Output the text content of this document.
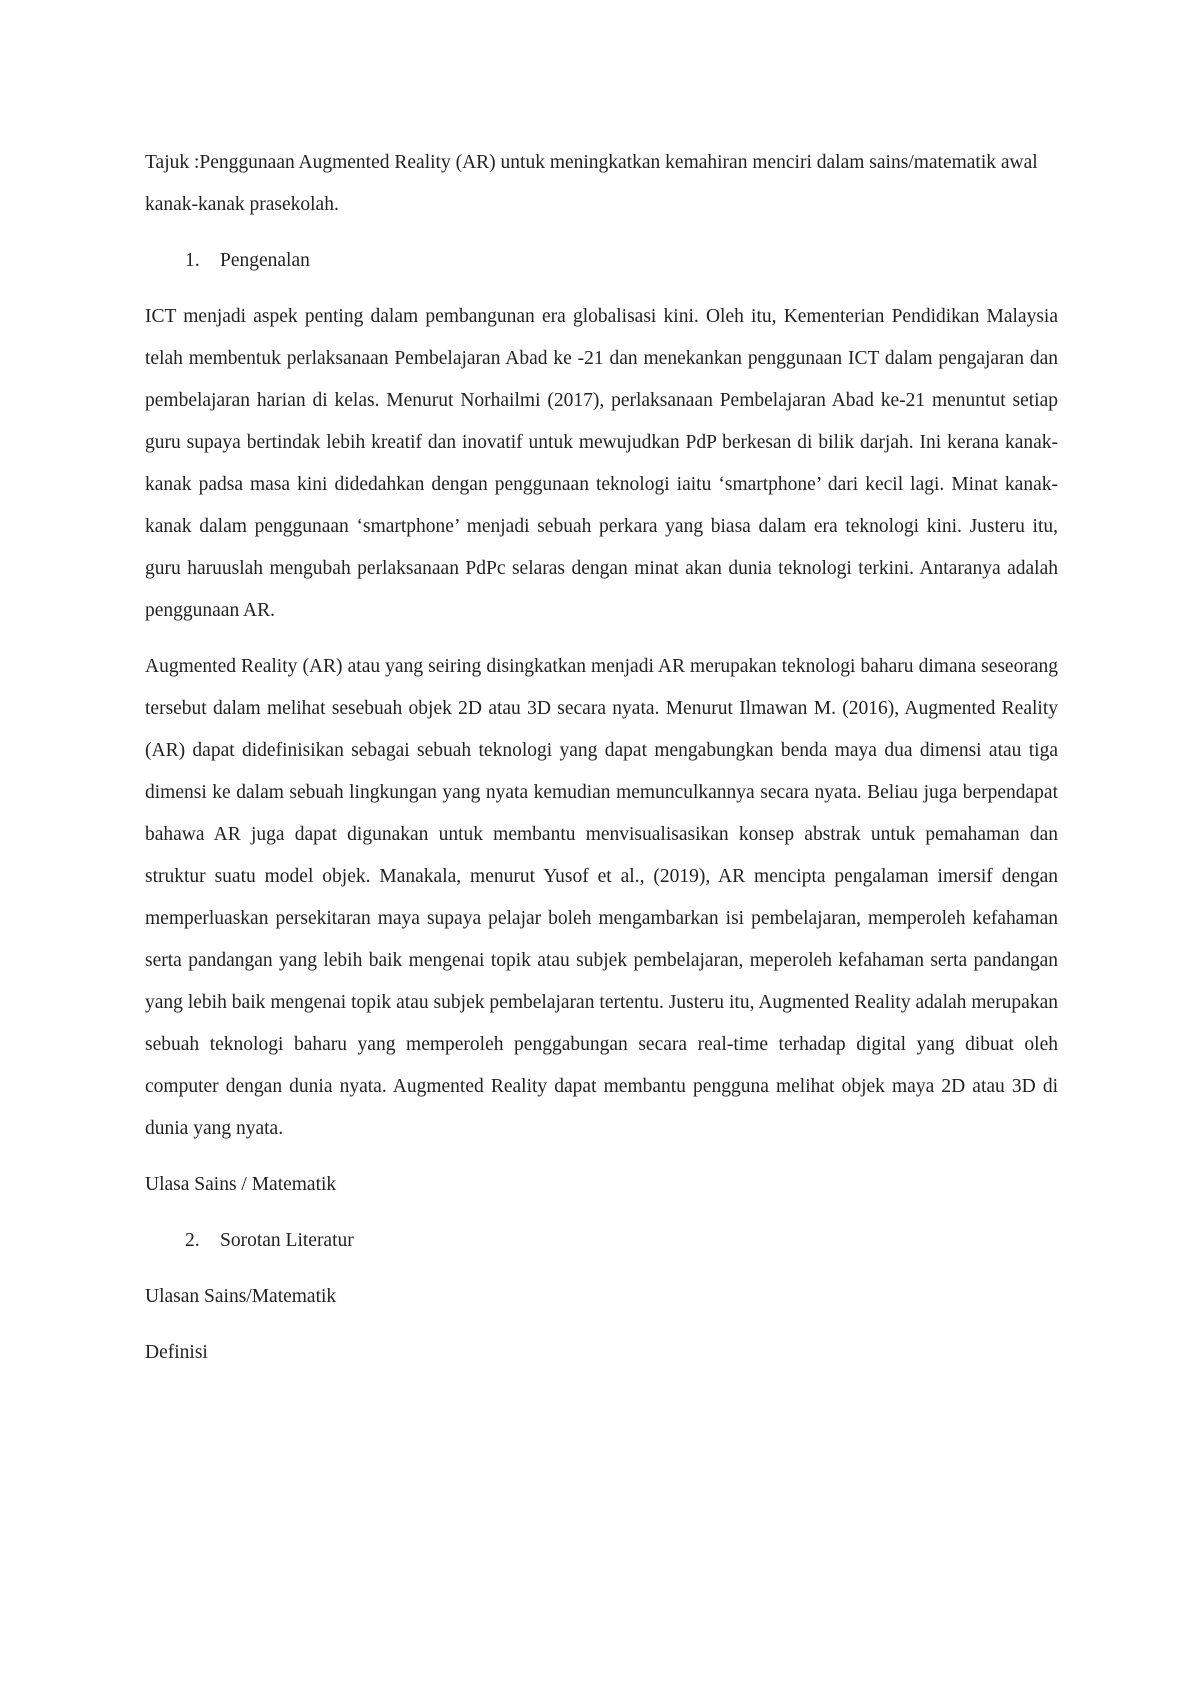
Tajuk :Penggunaan Augmented Reality (AR) untuk meningkatkan kemahiran menciri dalam sains/matematik awal kanak-kanak prasekolah.

1. Pengenalan

ICT menjadi aspek penting dalam pembangunan era globalisasi kini. Oleh itu, Kementerian Pendidikan Malaysia telah membentuk perlaksanaan Pembelajaran Abad ke -21 dan menekankan penggunaan ICT dalam pengajaran dan pembelajaran harian di kelas. Menurut Norhailmi (2017), perlaksanaan Pembelajaran Abad ke-21 menuntut setiap guru supaya bertindak lebih kreatif dan inovatif untuk mewujudkan PdP berkesan di bilik darjah. Ini kerana kanak-kanak padsa masa kini didedahkan dengan penggunaan teknologi iaitu ‘smartphone’ dari kecil lagi. Minat kanak-kanak dalam penggunaan ‘smartphone’ menjadi sebuah perkara yang biasa dalam era teknologi kini. Justeru itu, guru haruuslah mengubah perlaksanaan PdPc selaras dengan minat akan dunia teknologi terkini. Antaranya adalah penggunaan AR.

Augmented Reality (AR) atau yang seiring disingkatkan menjadi AR merupakan teknologi baharu dimana seseorang tersebut dalam melihat sesebuah objek 2D atau 3D secara nyata. Menurut Ilmawan M. (2016), Augmented Reality (AR) dapat didefinisikan sebagai sebuah teknologi yang dapat mengabungkan benda maya dua dimensi atau tiga dimensi ke dalam sebuah lingkungan yang nyata kemudian memunculkannya secara nyata. Beliau juga berpendapat bahawa AR juga dapat digunakan untuk membantu menvisualisasikan konsep abstrak untuk pemahaman dan struktur suatu model objek. Manakala, menurut Yusof et al., (2019), AR mencipta pengalaman imersif dengan memperluaskan persekitaran maya supaya pelajar boleh mengambarkan isi pembelajaran, memperoleh kefahaman serta pandangan yang lebih baik mengenai topik atau subjek pembelajaran, meperoleh kefahaman serta pandangan yang lebih baik mengenai topik atau subjek pembelajaran tertentu. Justeru itu, Augmented Reality adalah merupakan sebuah teknologi baharu yang memperoleh penggabungan secara real-time terhadap digital yang dibuat oleh computer dengan dunia nyata. Augmented Reality dapat membantu pengguna melihat objek maya 2D atau 3D di dunia yang nyata.

Ulasa Sains / Matematik

2. Sorotan Literatur

Ulasan Sains/Matematik

Definisi
